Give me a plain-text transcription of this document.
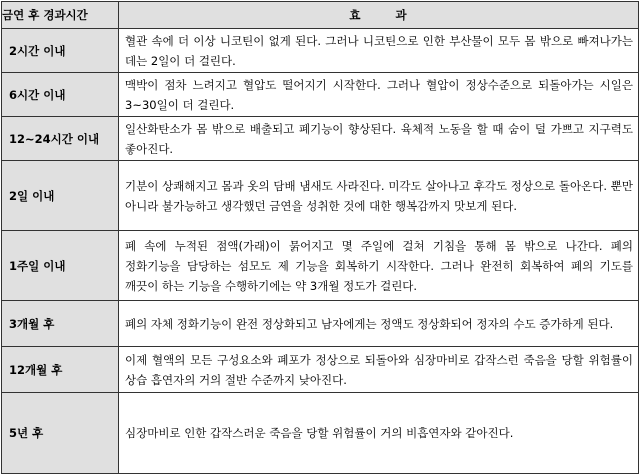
금연 후 경과시간	효 과
2시간 이내	혈관 속에 더 이상 니코틴이 없게 된다. 그러나 니코틴으로 인한 부산물이 모두 몸 밖으로 빠져나가는 데는 2일이 더 걸린다.
6시간 이내	맥박이 점차 느려지고 혈압도 떨어지기 시작한다. 그러나 혈압이 정상수준으로 되돌아가는 시일은 3~30일이 더 걸린다.
12~24시간 이내	일산화탄소가 몸 밖으로 배출되고 폐기능이 향상된다. 육체적 노동을 할 때 숨이 덜 가쁘고 지구력도 좋아진다.
2일 이내	기분이 상쾌해지고 몸과 옷의 담배 냄새도 사라진다. 미각도 살아나고 후각도 정상으로 돌아온다. 뿐만 아니라 불가능하고 생각했던 금연을 성취한 것에 대한 행복감까지 맛보게 된다.
1주일 이내	폐 속에 누적된 점액(가래)이 묽어지고 몇 주일에 걸쳐 기침을 통해 몸 밖으로 나간다. 폐의 정화기능을 담당하는 섬모도 제 기능을 회복하기 시작한다. 그러나 완전히 회복하여 폐의 기도를 깨끗이 하는 기능을 수행하기에는 약 3개월 정도가 걸린다.
3개월 후	폐의 자체 정화기능이 완전 정상화되고 남자에게는 정액도 정상화되어 정자의 수도 증가하게 된다.
12개월 후	이제 혈액의 모든 구성요소와 폐포가 정상으로 되돌아와 심장마비로 갑작스런 죽음을 당할 위험률이 상습 흡연자의 거의 절반 수준까지 낮아진다.
5년 후	심장마비로 인한 갑작스러운 죽음을 당할 위험률이 거의 비흡연자와 같아진다.
